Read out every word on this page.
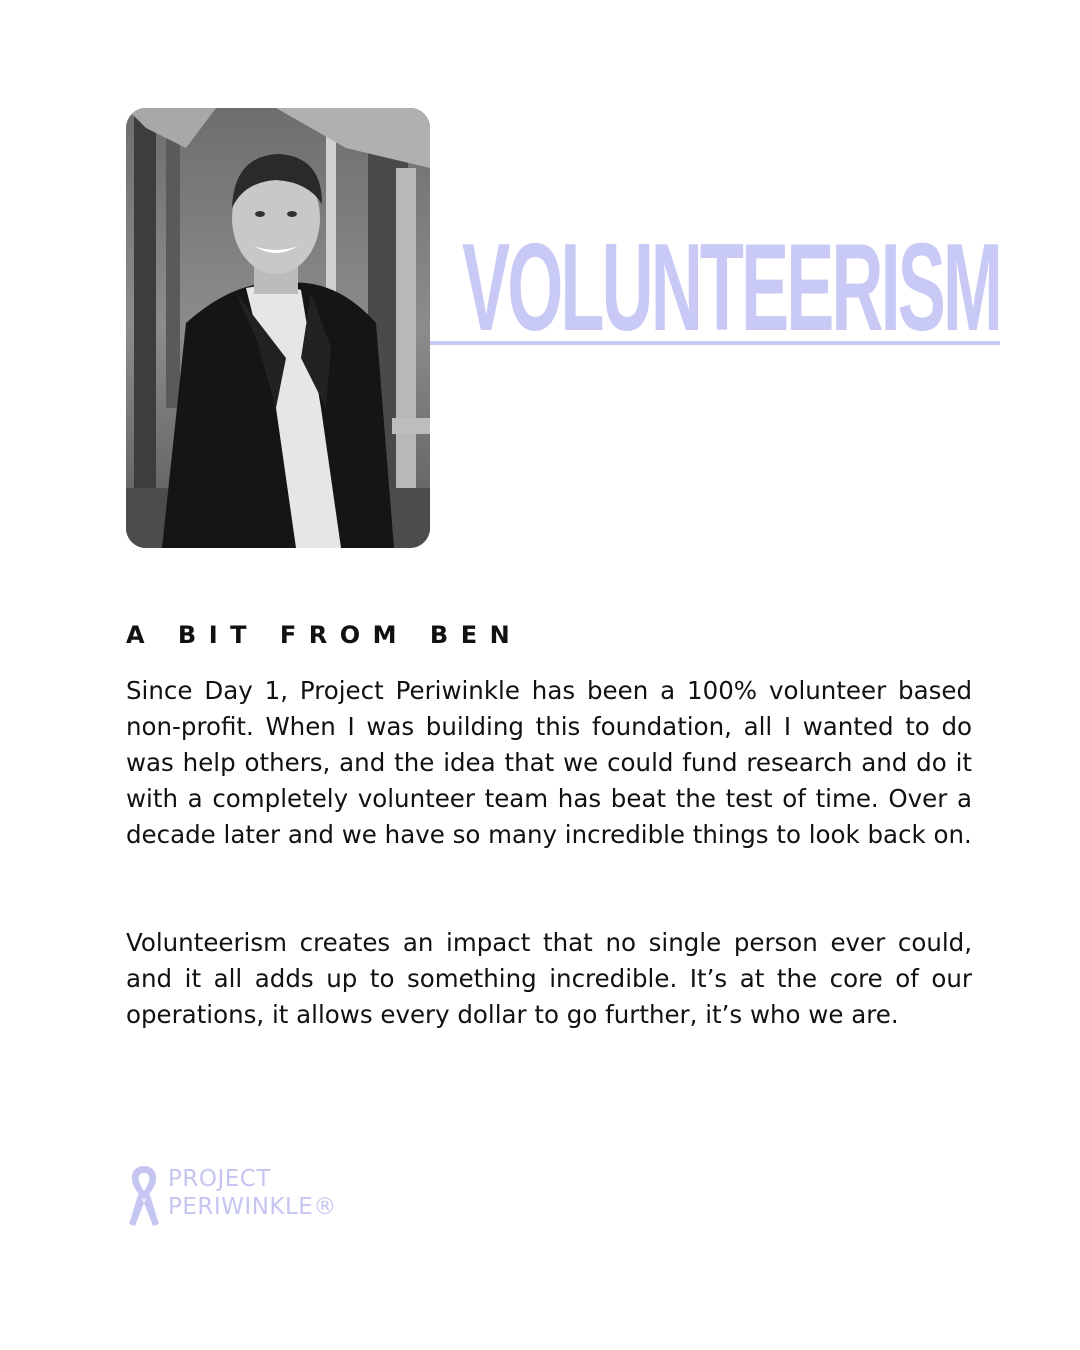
VOLUNTEERISM
A BIT FROM BEN

Since Day 1, Project Periwinkle has been a 100% volunteer based non-profit. When I was building this foundation, all I wanted to do was help others, and the idea that we could fund research and do it with a completely volunteer team has beat the test of time. Over a decade later and we have so many incredible things to look back on.

Volunteerism creates an impact that no single person ever could, and it all adds up to something incredible. It’s at the core of our operations, it allows every dollar to go further, it’s who we are.

PROJECT
PERIWINKLE®
